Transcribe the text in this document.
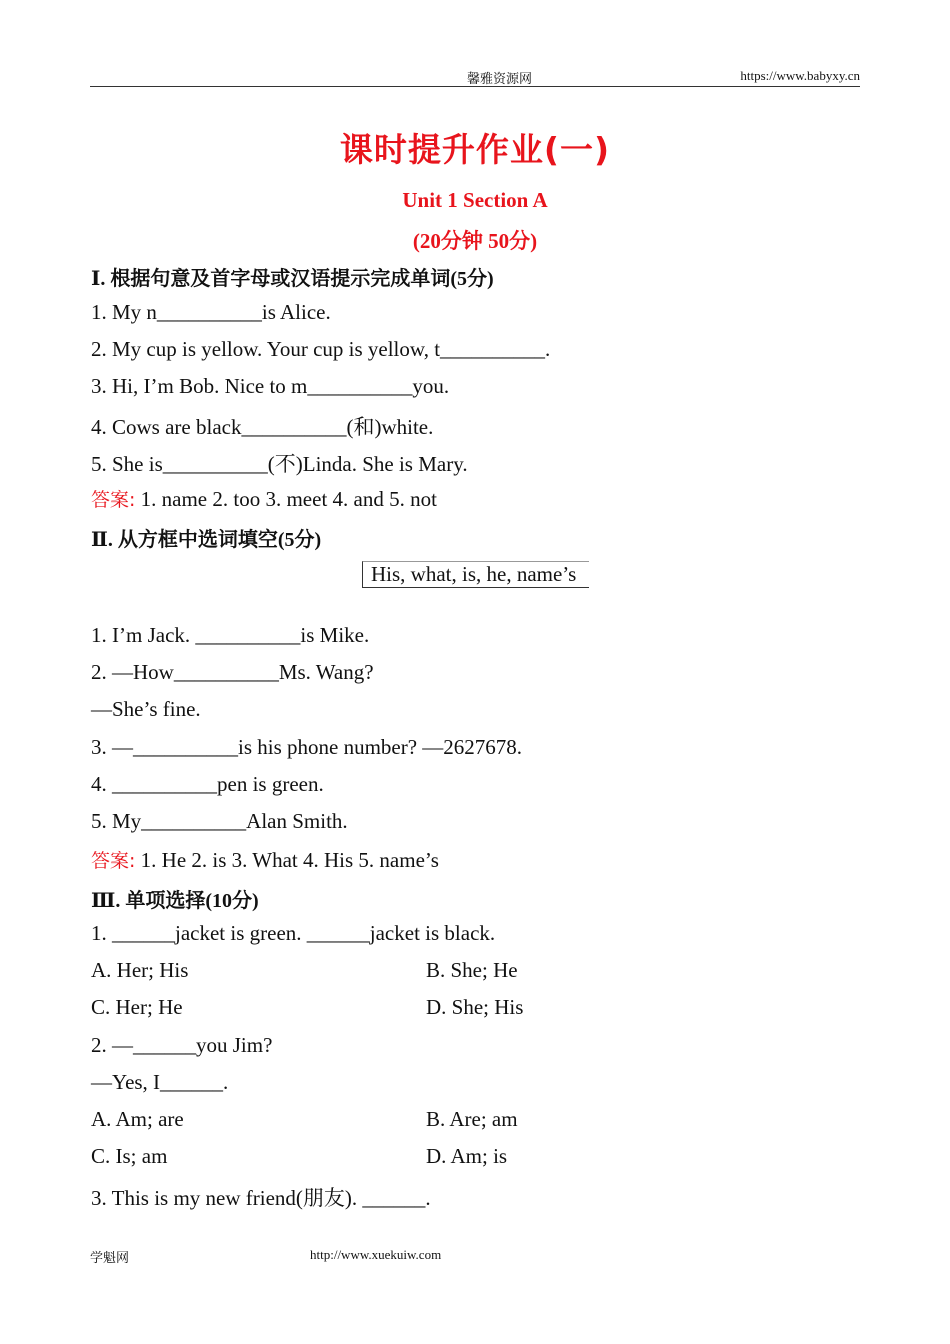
馨雅资源网	https://www.babyxy.cn
课时提升作业(一)
Unit 1 Section A
(20分钟 50分)
Ⅰ. 根据句意及首字母或汉语提示完成单词(5分)
1. My n__________is Alice.
2. My cup is yellow. Your cup is yellow, t__________.
3. Hi, I’m Bob. Nice to m__________you.
4. Cows are black__________(和)white.
5. She is__________(不)Linda. She is Mary.
答案: 1. name 2. too 3. meet 4. and 5. not
Ⅱ. 从方框中选词填空(5分)
His, what, is, he, name’s
1. I’m Jack. __________is Mike.
2. —How__________Ms. Wang?
—She’s fine.
3. —__________is his phone number? —2627678.
4. __________pen is green.
5. My__________Alan Smith.
答案: 1. He 2. is 3. What 4. His 5. name’s
Ⅲ. 单项选择(10分)
1. ______jacket is green. ______jacket is black.
A. Her; His	B. She; He
C. Her; He	D. She; His
2. —______you Jim?
—Yes, I______.
A. Am; are	B. Are; am
C. Is; am	D. Am; is
3. This is my new friend(朋友). ______.
学魁网	http://www.xuekuiw.com
